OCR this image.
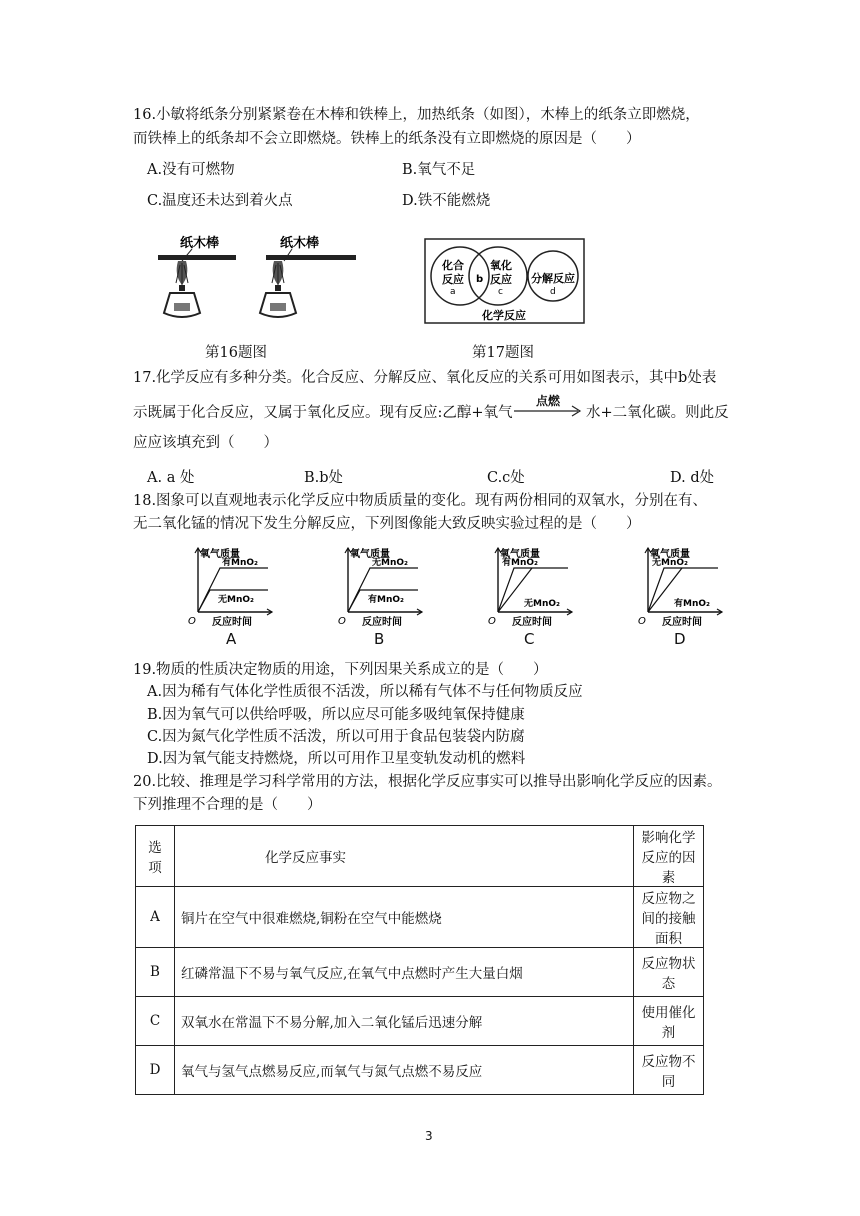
16.小敏将纸条分别紧紧卷在木棒和铁棒上，加热纸条（如图），木棒上的纸条立即燃烧，
而铁棒上的纸条却不会立即燃烧。铁棒上的纸条没有立即燃烧的原因是（　　）
A.没有可燃物	B.氧气不足
C.温度还未达到着火点	D.铁不能燃烧
纸木棒	纸木棒
第16题图
化合
反应
a
b
氧化
反应
c
分解反应
d
化学反应
第17题图
17.化学反应有多种分类。化合反应、分解反应、氧化反应的关系可用如图表示，其中b处表
示既属于化合反应，又属于氧化反应。现有反应:乙醇+氧气
点燃
水+二氧化碳。则此反
应应该填充到（　　）
A. a 处	B.b处	C.c处	D. d处
18.图象可以直观地表示化学反应中物质质量的变化。现有两份相同的双氧水，分别在有、
无二氧化锰的情况下发生分解反应，下列图像能大致反映实验过程的是（　　）
氧气质量
反应时间
O
有MnO₂
无MnO₂
氧气质量
反应时间
O
无MnO₂
有MnO₂
氧气质量
反应时间
O
有MnO₂
无MnO₂
氧气质量
反应时间
O
无MnO₂
有MnO₂
A	B	C	D
19.物质的性质决定物质的用途，下列因果关系成立的是（　　）
A.因为稀有气体化学性质很不活泼，所以稀有气体不与任何物质反应
B.因为氧气可以供给呼吸，所以应尽可能多吸纯氧保持健康
C.因为氮气化学性质不活泼，所以可用于食品包装袋内防腐
D.因为氧气能支持燃烧，所以可用作卫星变轨发动机的燃料
20.比较、推理是学习科学常用的方法，根据化学反应事实可以推导出影响化学反应的因素。
下列推理不合理的是（　　）
选项	化学反应事实	影响化学反应的因素
A	铜片在空气中很难燃烧,铜粉在空气中能燃烧	反应物之间的接触面积
B	红磷常温下不易与氧气反应,在氧气中点燃时产生大量白烟	反应物状态
C	双氧水在常温下不易分解,加入二氧化锰后迅速分解	使用催化剂
D	氧气与氢气点燃易反应,而氧气与氮气点燃不易反应	反应物不同
3
